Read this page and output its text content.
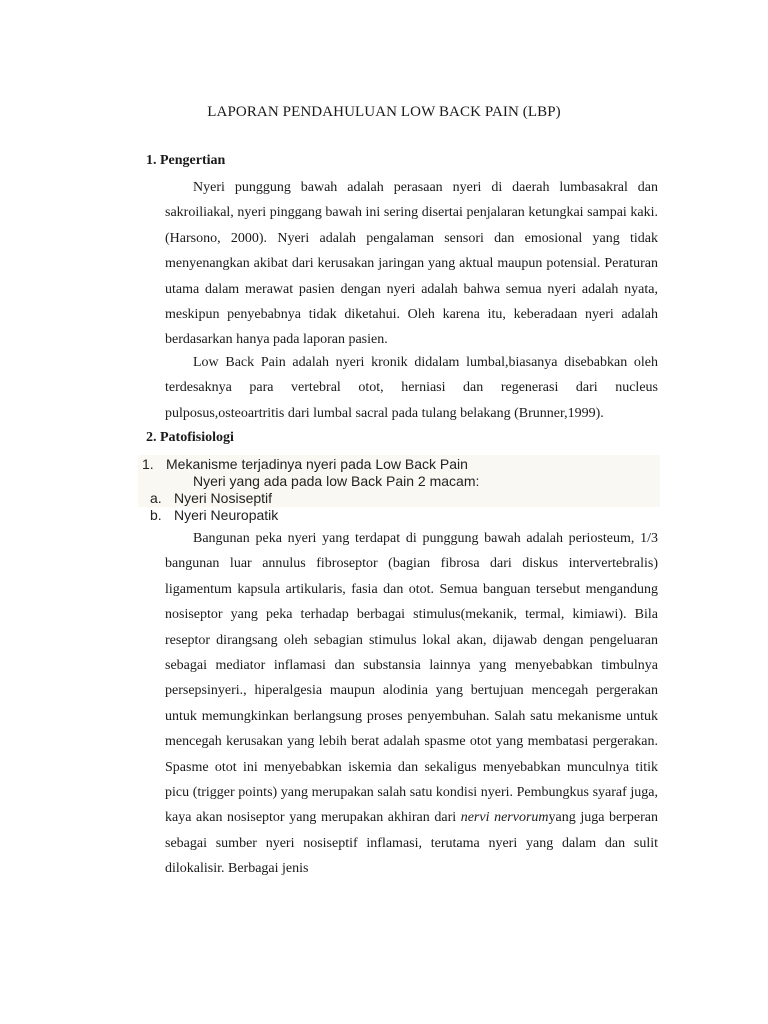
LAPORAN PENDAHULUAN LOW BACK PAIN (LBP)
1. Pengertian

Nyeri punggung bawah adalah perasaan nyeri di daerah lumbasakral dan sakroiliakal, nyeri pinggang bawah ini sering disertai penjalaran ketungkai sampai kaki. (Harsono, 2000). Nyeri adalah pengalaman sensori dan emosional yang tidak menyenangkan akibat dari kerusakan jaringan yang aktual maupun potensial. Peraturan utama dalam merawat pasien dengan nyeri adalah bahwa semua nyeri adalah nyata, meskipun penyebabnya tidak diketahui. Oleh karena itu, keberadaan nyeri adalah berdasarkan hanya pada laporan pasien.

Low Back Pain adalah nyeri kronik didalam lumbal,biasanya disebabkan oleh terdesaknya para vertebral otot, herniasi dan regenerasi dari nucleus pulposus,osteoartritis dari lumbal sacral pada tulang belakang (Brunner,1999).

2. Patofisiologi
1. Mekanisme terjadinya nyeri pada Low Back Pain
Nyeri yang ada pada low Back Pain 2 macam:
a. Nyeri Nosiseptif
b. Nyeri Neuropatik

Bangunan peka nyeri yang terdapat di punggung bawah adalah periosteum, 1/3 bangunan luar annulus fibroseptor (bagian fibrosa dari diskus intervertebralis) ligamentum kapsula artikularis, fasia dan otot. Semua banguan tersebut mengandung nosiseptor yang peka terhadap berbagai stimulus(mekanik, termal, kimiawi). Bila reseptor dirangsang oleh sebagian stimulus lokal akan, dijawab dengan pengeluaran sebagai mediator inflamasi dan substansia lainnya yang menyebabkan timbulnya persepsinyeri., hiperalgesia maupun alodinia yang bertujuan mencegah pergerakan untuk memungkinkan berlangsung proses penyembuhan. Salah satu mekanisme untuk mencegah kerusakan yang lebih berat adalah spasme otot yang membatasi pergerakan. Spasme otot ini menyebabkan iskemia dan sekaligus menyebabkan munculnya titik picu (trigger points) yang merupakan salah satu kondisi nyeri. Pembungkus syaraf juga, kaya akan nosiseptor yang merupakan akhiran dari nervi nervorumyang juga berperan sebagai sumber nyeri nosiseptif inflamasi, terutama nyeri yang dalam dan sulit dilokalisir. Berbagai jenis
